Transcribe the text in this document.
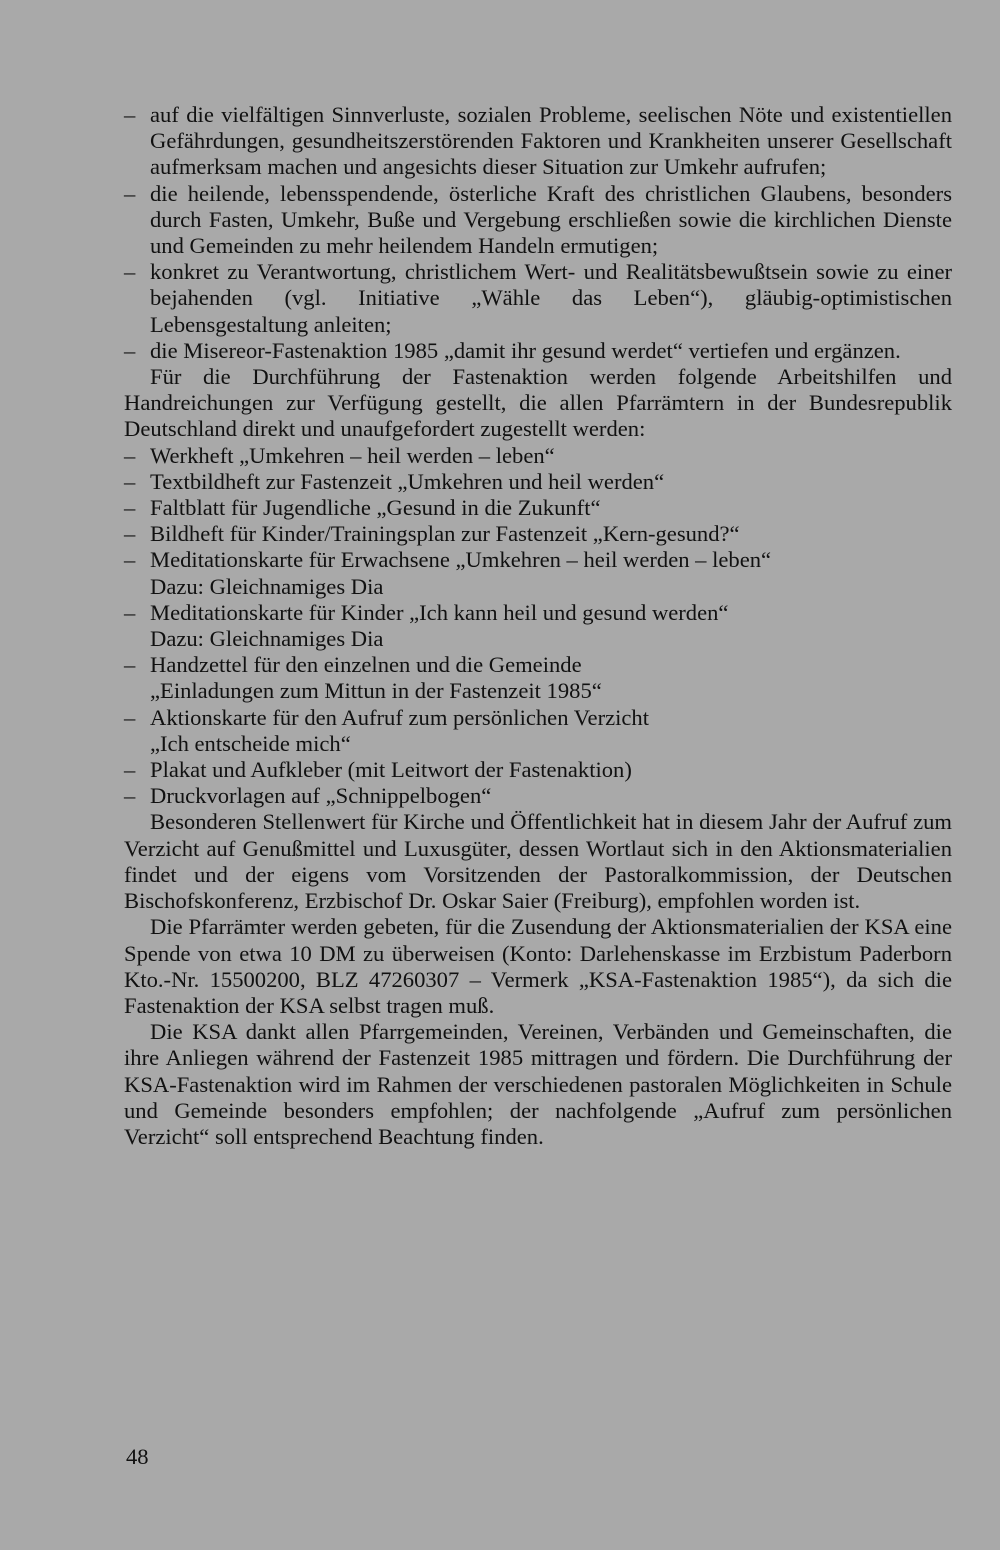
– auf die vielfältigen Sinnverluste, sozialen Probleme, seelischen Nöte und existentiellen Gefährdungen, gesundheitszerstörenden Faktoren und Krankheiten unserer Gesellschaft aufmerksam machen und angesichts dieser Situation zur Umkehr aufrufen;
– die heilende, lebensspendende, österliche Kraft des christlichen Glaubens, besonders durch Fasten, Umkehr, Buße und Vergebung erschließen sowie die kirchlichen Dienste und Gemeinden zu mehr heilendem Handeln ermutigen;
– konkret zu Verantwortung, christlichem Wert- und Realitätsbewußtsein sowie zu einer bejahenden (vgl. Initiative „Wähle das Leben“), gläubig-optimistischen Lebensgestaltung anleiten;
– die Misereor-Fastenaktion 1985 „damit ihr gesund werdet“ vertiefen und ergänzen.
Für die Durchführung der Fastenaktion werden folgende Arbeitshilfen und Handreichungen zur Verfügung gestellt, die allen Pfarrämtern in der Bundesrepublik Deutschland direkt und unaufgefordert zugestellt werden:
– Werkheft „Umkehren – heil werden – leben“
– Textbildheft zur Fastenzeit „Umkehren und heil werden“
– Faltblatt für Jugendliche „Gesund in die Zukunft“
– Bildheft für Kinder/Trainingsplan zur Fastenzeit „Kern-gesund?“
– Meditationskarte für Erwachsene „Umkehren – heil werden – leben“
Dazu: Gleichnamiges Dia
– Meditationskarte für Kinder „Ich kann heil und gesund werden“
Dazu: Gleichnamiges Dia
– Handzettel für den einzelnen und die Gemeinde
„Einladungen zum Mittun in der Fastenzeit 1985“
– Aktionskarte für den Aufruf zum persönlichen Verzicht
„Ich entscheide mich“
– Plakat und Aufkleber (mit Leitwort der Fastenaktion)
– Druckvorlagen auf „Schnippelbogen“
Besonderen Stellenwert für Kirche und Öffentlichkeit hat in diesem Jahr der Aufruf zum Verzicht auf Genußmittel und Luxusgüter, dessen Wortlaut sich in den Aktionsmaterialien findet und der eigens vom Vorsitzenden der Pastoralkommission, der Deutschen Bischofskonferenz, Erzbischof Dr. Oskar Saier (Freiburg), empfohlen worden ist.
Die Pfarrämter werden gebeten, für die Zusendung der Aktionsmaterialien der KSA eine Spende von etwa 10 DM zu überweisen (Konto: Darlehenskasse im Erzbistum Paderborn Kto.-Nr. 15500200, BLZ 47260307 – Vermerk „KSA-Fastenaktion 1985“), da sich die Fastenaktion der KSA selbst tragen muß.
Die KSA dankt allen Pfarrgemeinden, Vereinen, Verbänden und Gemeinschaften, die ihre Anliegen während der Fastenzeit 1985 mittragen und fördern. Die Durchführung der KSA-Fastenaktion wird im Rahmen der verschiedenen pastoralen Möglichkeiten in Schule und Gemeinde besonders empfohlen; der nachfolgende „Aufruf zum persönlichen Verzicht“ soll entsprechend Beachtung finden.
48
